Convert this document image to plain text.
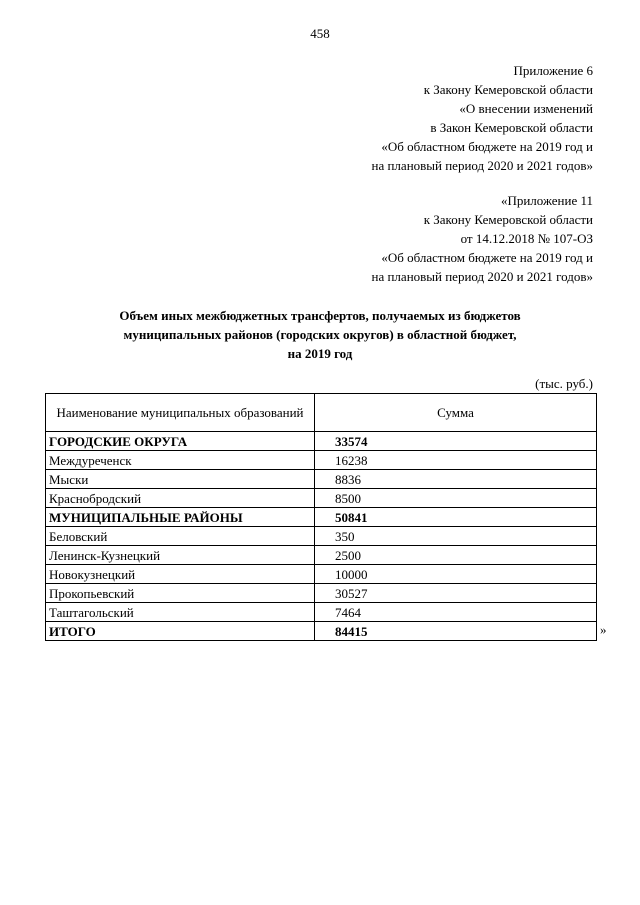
458
Приложение 6
к Закону Кемеровской области
«О внесении изменений
в Закон Кемеровской области
«Об областном бюджете на 2019 год и
на плановый период 2020 и 2021 годов»
«Приложение 11
к Закону Кемеровской области
от 14.12.2018 № 107-ОЗ
«Об областном бюджете на 2019 год и
на плановый период 2020 и 2021 годов»
Объем иных межбюджетных трансфертов, получаемых из бюджетов
муниципальных районов (городских округов) в областной бюджет,
на 2019 год
(тыс. руб.)
Наименование муниципальных образований	Сумма
ГОРОДСКИЕ ОКРУГА	33574
Междуреченск	16238
Мыски	8836
Краснобродский	8500
МУНИЦИПАЛЬНЫЕ РАЙОНЫ	50841
Беловский	350
Ленинск-Кузнецкий	2500
Новокузнецкий	10000
Прокопьевский	30527
Таштагольский	7464
ИТОГО	84415	»
